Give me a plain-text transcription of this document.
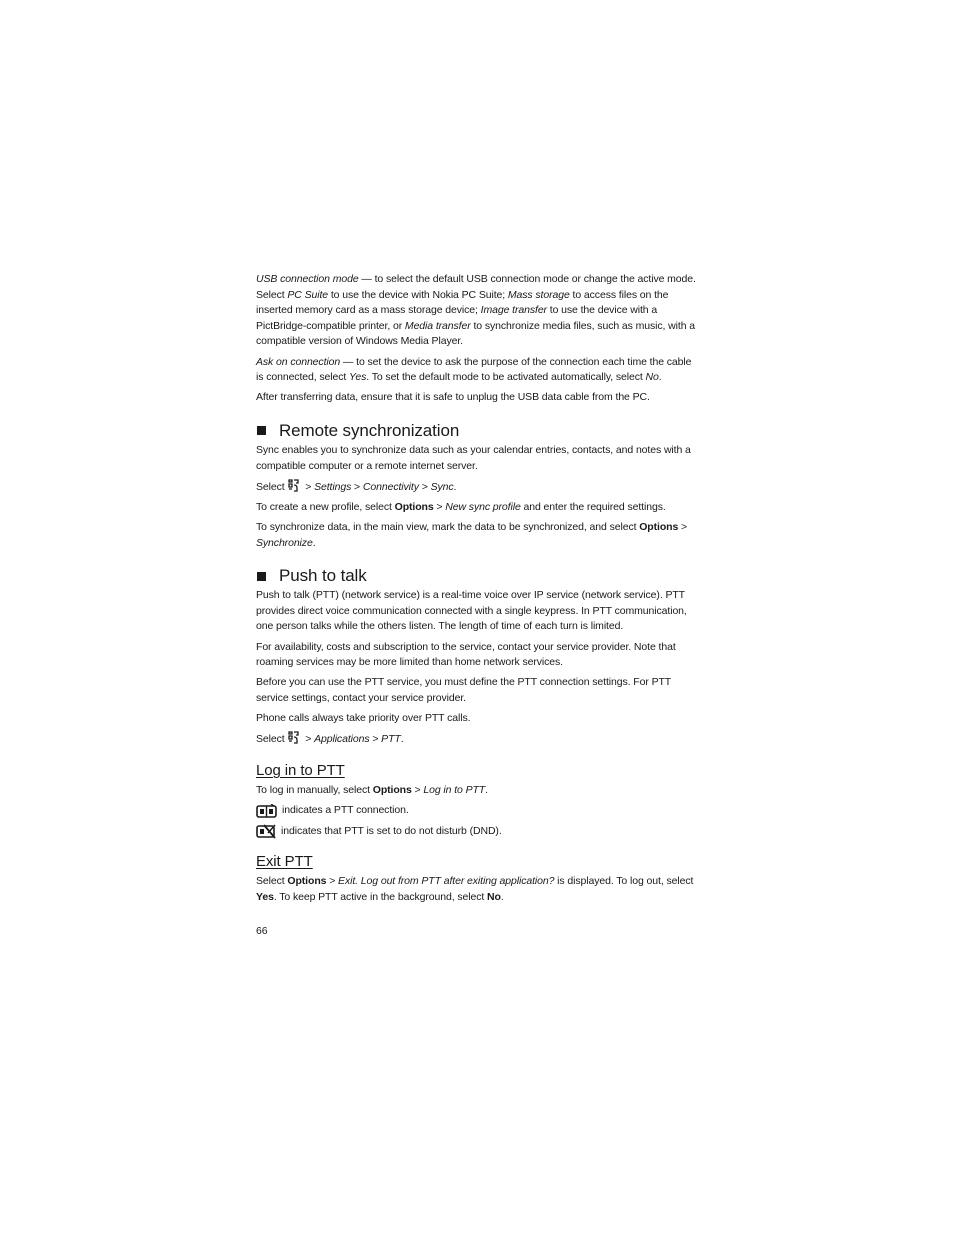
USB connection mode — to select the default USB connection mode or change the active mode. Select PC Suite to use the device with Nokia PC Suite; Mass storage to access files on the inserted memory card as a mass storage device; Image transfer to use the device with a PictBridge-compatible printer, or Media transfer to synchronize media files, such as music, with a compatible version of Windows Media Player.

Ask on connection — to set the device to ask the purpose of the connection each time the cable is connected, select Yes. To set the default mode to be activated automatically, select No.

After transferring data, ensure that it is safe to unplug the USB data cable from the PC.

Remote synchronization

Sync enables you to synchronize data such as your calendar entries, contacts, and notes with a compatible computer or a remote internet server.

Select  > Settings > Connectivity > Sync.

To create a new profile, select Options > New sync profile and enter the required settings.

To synchronize data, in the main view, mark the data to be synchronized, and select Options > Synchronize.

Push to talk

Push to talk (PTT) (network service) is a real-time voice over IP service (network service). PTT provides direct voice communication connected with a single keypress. In PTT communication, one person talks while the others listen. The length of time of each turn is limited.

For availability, costs and subscription to the service, contact your service provider. Note that roaming services may be more limited than home network services.

Before you can use the PTT service, you must define the PTT connection settings. For PTT service settings, contact your service provider.

Phone calls always take priority over PTT calls.

Select  > Applications > PTT.

Log in to PTT

To log in manually, select Options > Log in to PTT.

indicates a PTT connection.
indicates that PTT is set to do not disturb (DND).
Exit PTT

Select Options > Exit. Log out from PTT after exiting application? is displayed. To log out, select Yes. To keep PTT active in the background, select No.

66
